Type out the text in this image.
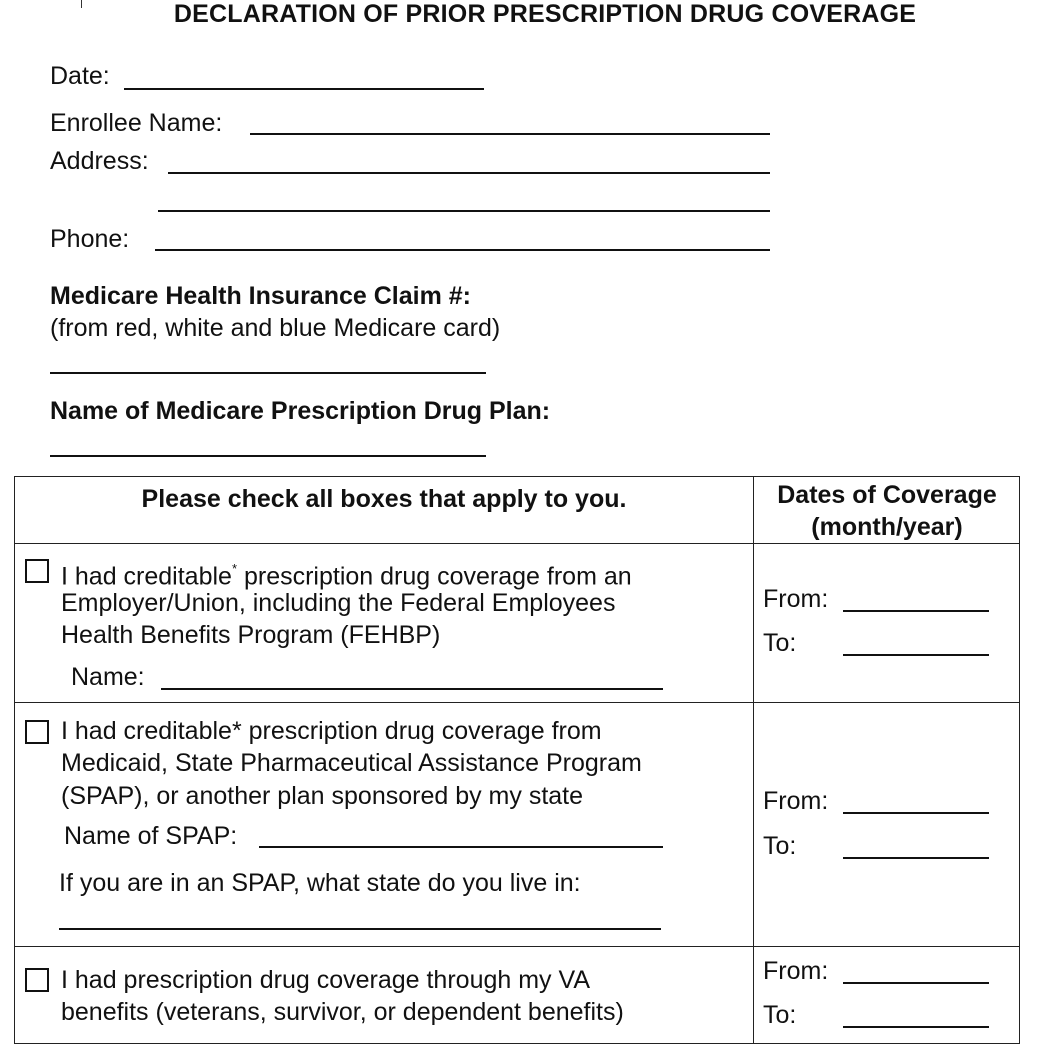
DECLARATION OF PRIOR PRESCRIPTION DRUG COVERAGE
Date:
Enrollee Name:
Address:
Phone:
Medicare Health Insurance Claim #:
(from red, white and blue Medicare card)
Name of Medicare Prescription Drug Plan:
Please check all boxes that apply to you.	Dates of Coverage
(month/year)
I had creditable* prescription drug coverage from an
Employer/Union, including the Federal Employees
Health Benefits Program (FEHBP)
Name:
From:
To:
I had creditable* prescription drug coverage from
Medicaid, State Pharmaceutical Assistance Program
(SPAP), or another plan sponsored by my state
Name of SPAP:
If you are in an SPAP, what state do you live in:
From:
To:
I had prescription drug coverage through my VA
benefits (veterans, survivor, or dependent benefits)
From:
To:
